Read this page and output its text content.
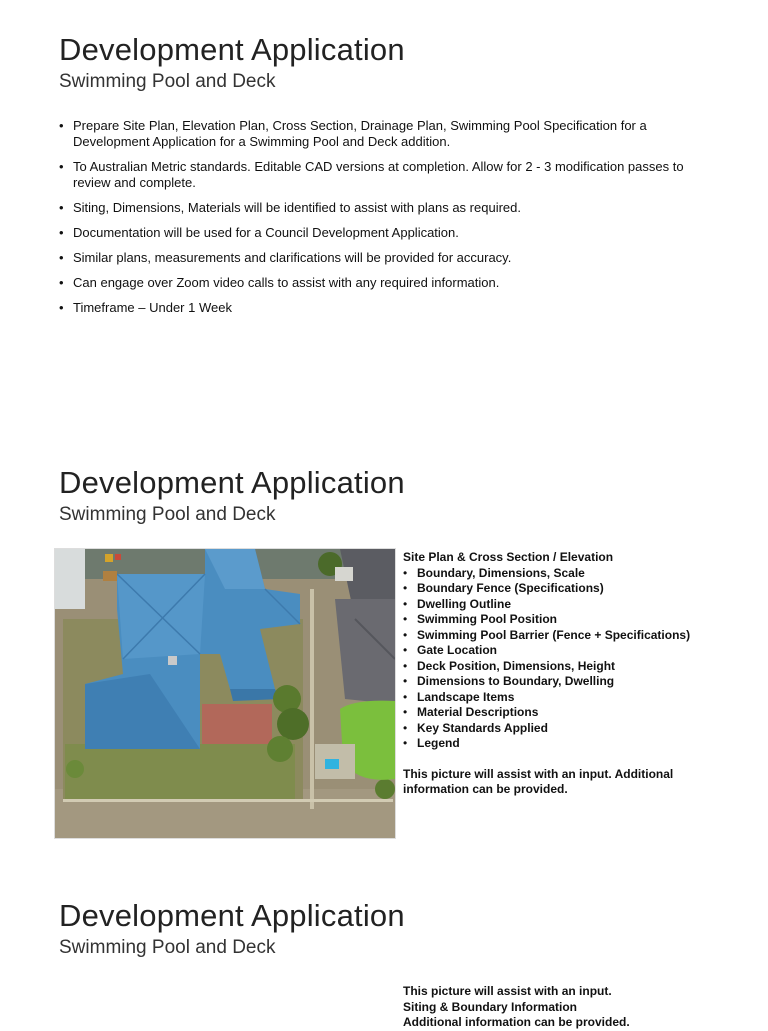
Development Application
Swimming Pool and Deck
• Prepare Site Plan, Elevation Plan, Cross Section, Drainage Plan, Swimming Pool Specification for a Development Application for a Swimming Pool and Deck addition.
• To Australian Metric standards. Editable CAD versions at completion. Allow for 2 - 3 modification passes to review and complete.
• Siting, Dimensions, Materials will be identified to assist with plans as required.
• Documentation will be used for a Council Development Application.
• Similar plans, measurements and clarifications will be provided for accuracy.
• Can engage over Zoom video calls to assist with any required information.
• Timeframe – Under 1 Week
Development Application
Swimming Pool and Deck

Site Plan & Cross Section / Elevation

• Boundary, Dimensions, Scale
• Boundary Fence (Specifications)
• Dwelling Outline
• Swimming Pool Position
• Swimming Pool Barrier (Fence + Specifications)
• Gate Location
• Deck Position, Dimensions, Height
• Dimensions to Boundary, Dwelling
• Landscape Items
• Material Descriptions
• Key Standards Applied
• Legend

This picture will assist with an input. Additional information can be provided.

Development Application
Swimming Pool and Deck

This picture will assist with an input.

Siting & Boundary Information

Additional information can be provided.
